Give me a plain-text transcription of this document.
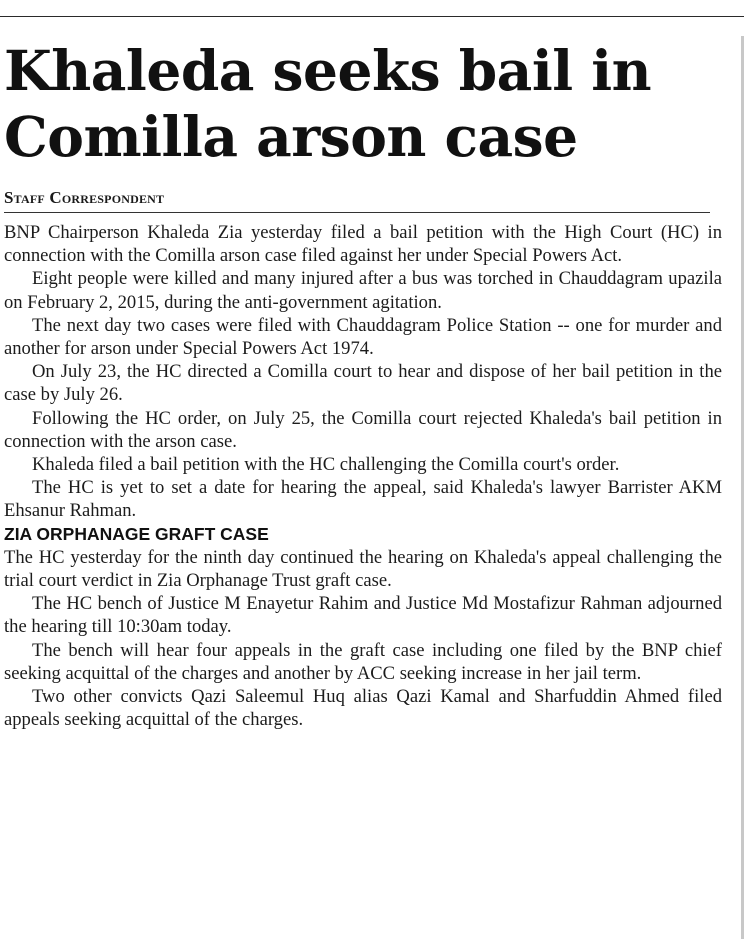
Khaleda seeks bail in Comilla arson case
Staff Correspondent

BNP Chairperson Khaleda Zia yesterday filed a bail petition with the High Court (HC) in connection with the Comilla arson case filed against her under Special Powers Act.

Eight people were killed and many injured after a bus was torched in Chauddagram upazila on February 2, 2015, during the anti-government agitation.

The next day two cases were filed with Chauddagram Police Station -- one for murder and another for arson under Special Powers Act 1974.

On July 23, the HC directed a Comilla court to hear and dispose of her bail petition in the case by July 26.

Following the HC order, on July 25, the Comilla court rejected Khaleda's bail petition in connection with the arson case.

Khaleda filed a bail petition with the HC challenging the Comilla court's order.

The HC is yet to set a date for hearing the appeal, said Khaleda's lawyer Barrister AKM Ehsanur Rahman.

ZIA ORPHANAGE GRAFT CASE

The HC yesterday for the ninth day continued the hearing on Khaleda's appeal challenging the trial court verdict in Zia Orphanage Trust graft case.

The HC bench of Justice M Enayetur Rahim and Justice Md Mostafizur Rahman adjourned the hearing till 10:30am today.

The bench will hear four appeals in the graft case including one filed by the BNP chief seeking acquittal of the charges and another by ACC seeking increase in her jail term.

Two other convicts Qazi Saleemul Huq alias Qazi Kamal and Sharfuddin Ahmed filed appeals seeking acquittal of the charges.
